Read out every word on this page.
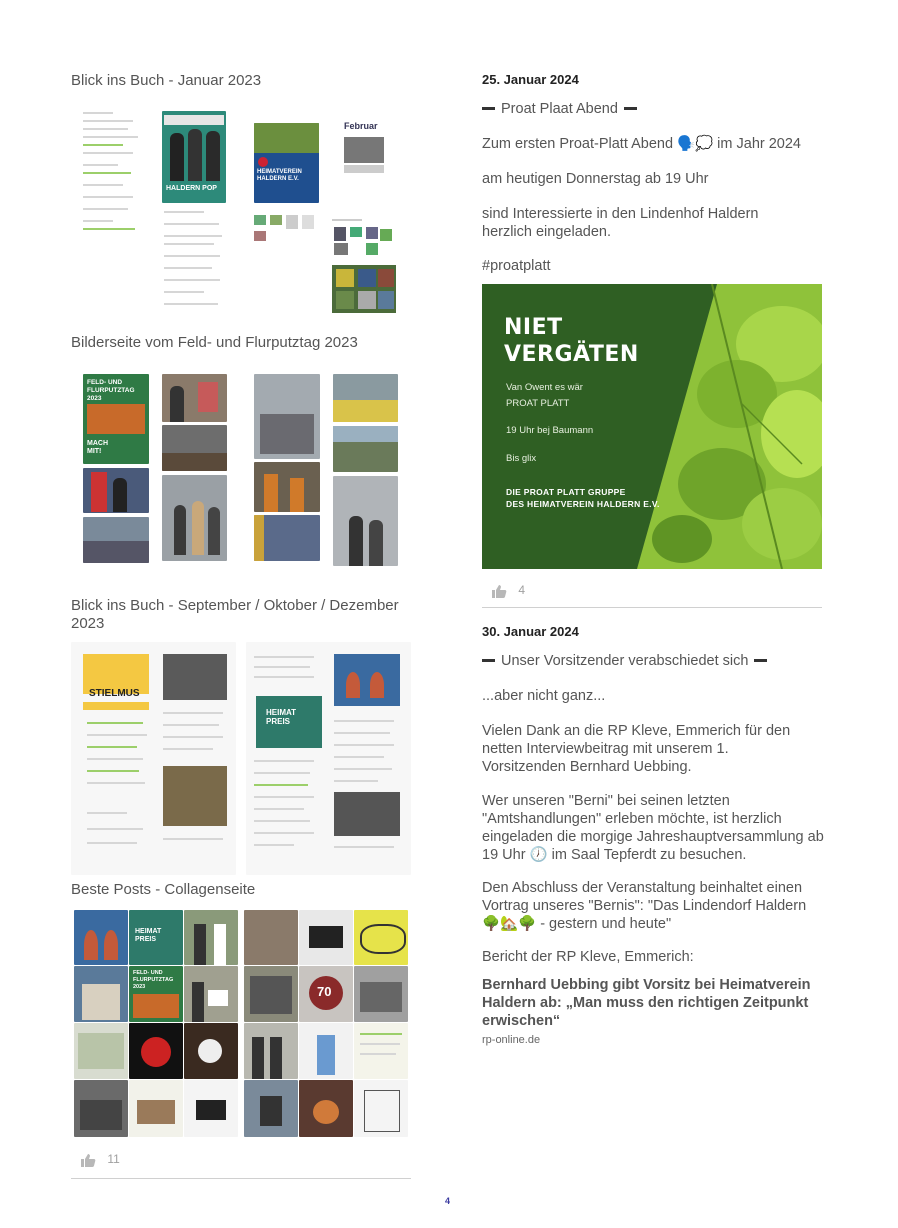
Blick ins Buch - Januar 2023

HALDERN POP
HEIMATVEREIN HALDERN E.V.
Februar

Bilderseite vom Feld- und Flurputztag 2023

FELD- UND FLURPUTZTAG 2023
MACH MIT!

Blick ins Buch - September / Oktober / Dezember 2023

STIELMUS
HEIMAT PREIS

Beste Posts - Collagenseite

HEIMAT PREIS
FELD- UND FLURPUTZTAG 2023	70
11

25. Januar 2024

Proat Plaat Abend

Zum ersten Proat-Platt Abend 🗣️💭 im Jahr 2024

am heutigen Donnerstag ab 19 Uhr

sind Interessierte in den Lindenhof Haldern herzlich eingeladen.

#proatplatt

NIET
VERGÄTEN
Van Owent es wär
PROAT PLATT
19 Uhr bej Baumann
Bis glix
DIE PROAT PLATT GRUPPE
DES HEIMATVEREIN HALDERN E.V.
4

30. Januar 2024

Unser Vorsitzender verabschiedet sich

...aber nicht ganz...

Vielen Dank an die RP Kleve, Emmerich für den netten Interviewbeitrag mit unserem 1. Vorsitzenden Bernhard Uebbing.

Wer unseren "Berni" bei seinen letzten "Amtshandlungen" erleben möchte, ist herzlich eingeladen die morgige Jahreshauptversammlung ab 19 Uhr 🕖 im Saal Tepferdt zu besuchen.

Den Abschluss der Veranstaltung beinhaltet einen Vortrag unseres "Bernis": "Das Lindendorf Haldern 🌳🏡🌳 - gestern und heute"

Bericht der RP Kleve, Emmerich:

Bernhard Uebbing gibt Vorsitz bei Heimatverein Haldern ab: „Man muss den richtigen Zeitpunkt erwischen“

rp-online.de

4
